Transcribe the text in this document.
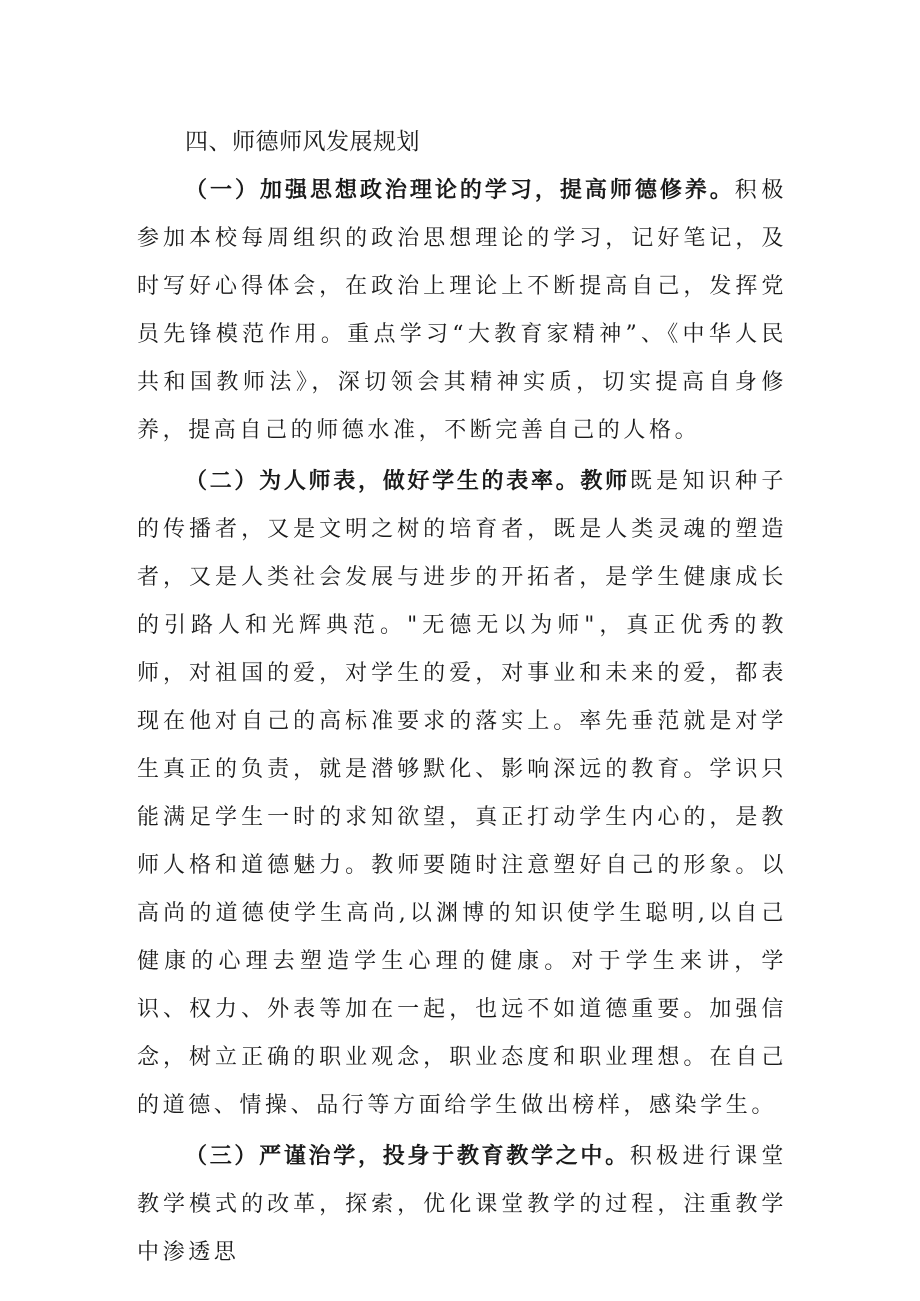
四、师德师风发展规划

（一）加强思想政治理论的学习，提高师德修养。积极参加本校每周组织的政治思想理论的学习，记好笔记，及时写好心得体会，在政治上理论上不断提高自己，发挥党员先锋模范作用。重点学习“大教育家精神”、《中华人民共和国教师法》，深切领会其精神实质，切实提高自身修养，提高自己的师德水准，不断完善自己的人格。

（二）为人师表，做好学生的表率。教师既是知识种子的传播者，又是文明之树的培育者，既是人类灵魂的塑造者，又是人类社会发展与进步的开拓者，是学生健康成长的引路人和光辉典范。"无德无以为师"，真正优秀的教师，对祖国的爱，对学生的爱，对事业和未来的爱，都表现在他对自己的高标准要求的落实上。率先垂范就是对学生真正的负责，就是潜够默化、影响深远的教育。学识只能满足学生一时的求知欲望，真正打动学生内心的，是教师人格和道德魅力。教师要随时注意塑好自己的形象。以高尚的道德使学生高尚,以渊博的知识使学生聪明,以自己健康的心理去塑造学生心理的健康。对于学生来讲，学识、权力、外表等加在一起，也远不如道德重要。加强信念，树立正确的职业观念，职业态度和职业理想。在自己的道德、情操、品行等方面给学生做出榜样，感染学生。

（三）严谨治学，投身于教育教学之中。积极进行课堂教学模式的改革，探索，优化课堂教学的过程，注重教学中渗透思
